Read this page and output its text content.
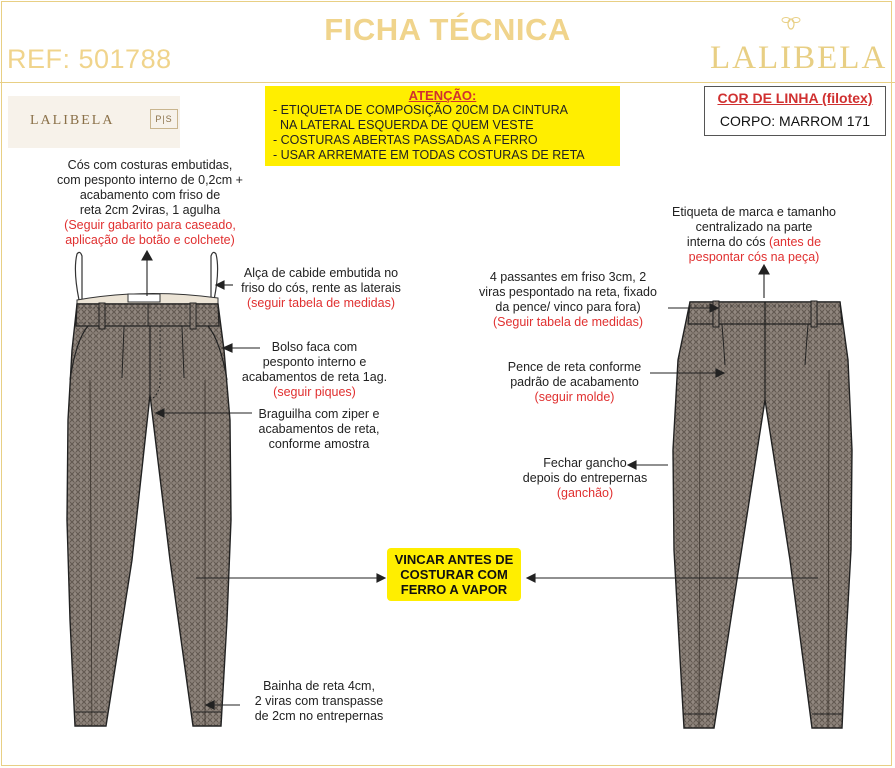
FICHA TÉCNICA
REF: 501788	LALIBELA
LALIBELA	P|S
ATENÇÃO:
- ETIQUETA DE COMPOSIÇÃO 20CM DA CINTURA
NA LATERAL ESQUERDA DE QUEM VESTE
- COSTURAS ABERTAS PASSADAS A FERRO
- USAR ARREMATE EM TODAS COSTURAS DE RETA
COR DE LINHA (filotex)
CORPO: MARROM 171
Cós com costuras embutidas,
com pesponto interno de 0,2cm +
acabamento com friso de
reta 2cm 2viras, 1 agulha
(Seguir gabarito para caseado,
aplicação de botão e colchete)
Alça de cabide embutida no
friso do cós, rente as laterais
(seguir tabela de medidas)
Bolso faca com
pesponto interno e
acabamentos de reta 1ag.
(seguir piques)
Braguilha com ziper e
acabamentos de reta,
conforme amostra
Bainha de reta 4cm,
2 viras com transpasse
de 2cm no entrepernas
Etiqueta de marca e tamanho
centralizado na parte
interna do cós (antes de
pespontar cós na peça)
4 passantes em friso 3cm, 2
viras pespontado na reta, fixado
da pence/ vinco para fora)
(Seguir tabela de medidas)
Pence de reta conforme
padrão de acabamento
(seguir molde)
Fechar gancho
depois do entrepernas
(ganchão)
VINCAR ANTES DE
COSTURAR COM
FERRO A VAPOR
